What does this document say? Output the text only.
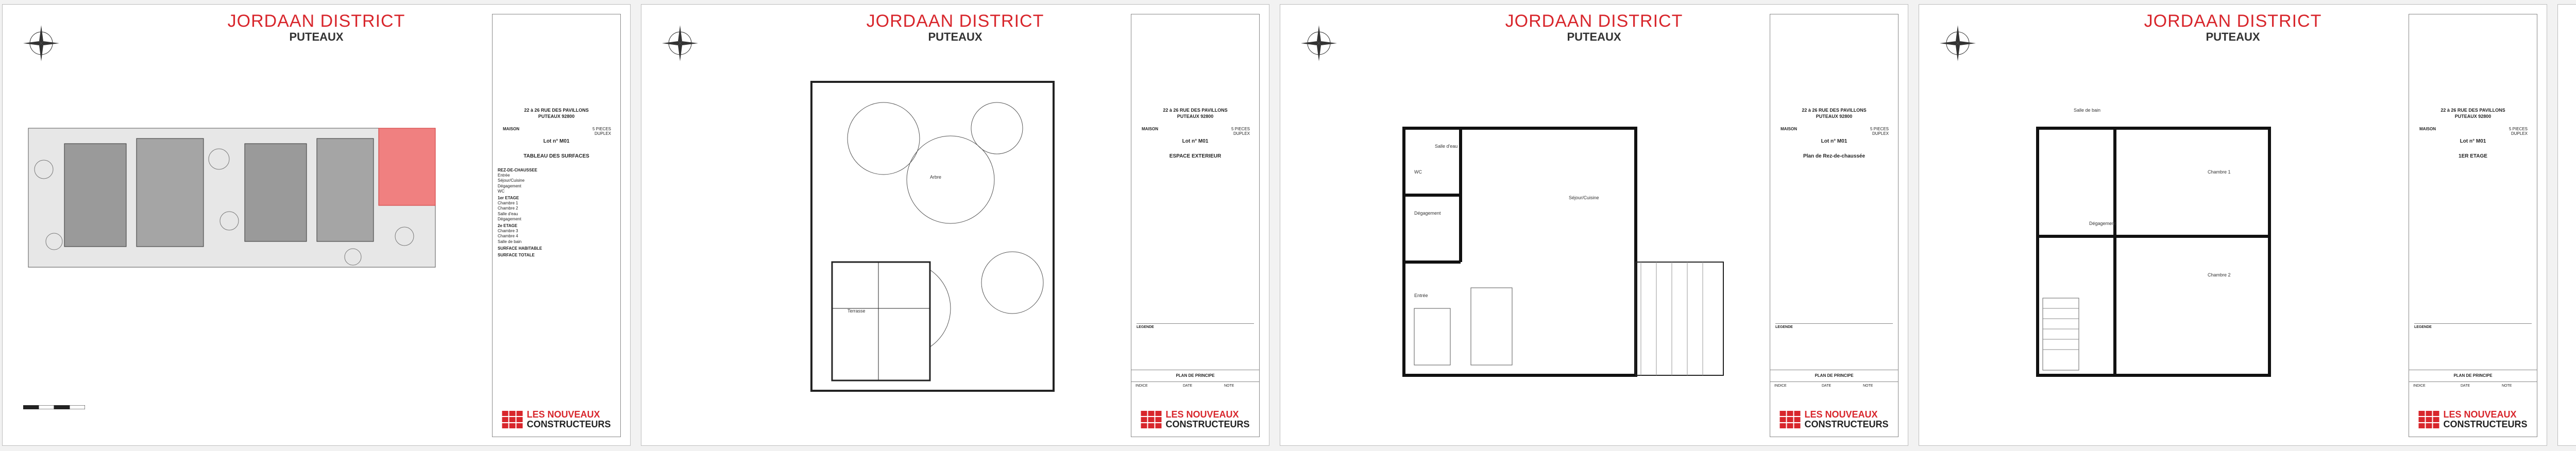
JORDAAN DISTRICT
PUTEAUX
22 à 26 RUE DES PAVILLONS
PUTEAUX 92800
MAISON	5 PIECES
DUPLEX
Lot n° M01
TABLEAU DES SURFACES
REZ-DE-CHAUSSEE
Entrée
Séjour/Cuisine
Dégagement
WC
1er ETAGE
Chambre 1
Chambre 2
Salle d'eau
Dégagement
2e ETAGE
Chambre 3
Chambre 4
Salle de bain
SURFACE HABITABLE
SURFACE TOTALE
LES NOUVEAUX
CONSTRUCTEURS
JORDAAN DISTRICT
PUTEAUX
22 à 26 RUE DES PAVILLONS
PUTEAUX 92800
MAISON	5 PIECES
DUPLEX
Lot n° M01
ESPACE EXTERIEUR
LEGENDE
PLAN DE PRINCIPE
INDICE	DATE	NOTE
LES NOUVEAUX
CONSTRUCTEURS
Arbre
Terrasse
JORDAAN DISTRICT
PUTEAUX
Salle d'eau
Dégagement
Séjour/Cuisine
Entrée
WC
22 à 26 RUE DES PAVILLONS
PUTEAUX 92800
MAISON	5 PIECES
DUPLEX
Lot n° M01
Plan de Rez-de-chaussée
LEGENDE
PLAN DE PRINCIPE
INDICE	DATE	NOTE
LES NOUVEAUX
CONSTRUCTEURS
JORDAAN DISTRICT
PUTEAUX
Salle de bain
Dégagement
Chambre 1
Chambre 2
22 à 26 RUE DES PAVILLONS
PUTEAUX 92800
MAISON	5 PIECES
DUPLEX
Lot n° M01
1ER ETAGE
LEGENDE
PLAN DE PRINCIPE
INDICE	DATE	NOTE
LES NOUVEAUX
CONSTRUCTEURS
